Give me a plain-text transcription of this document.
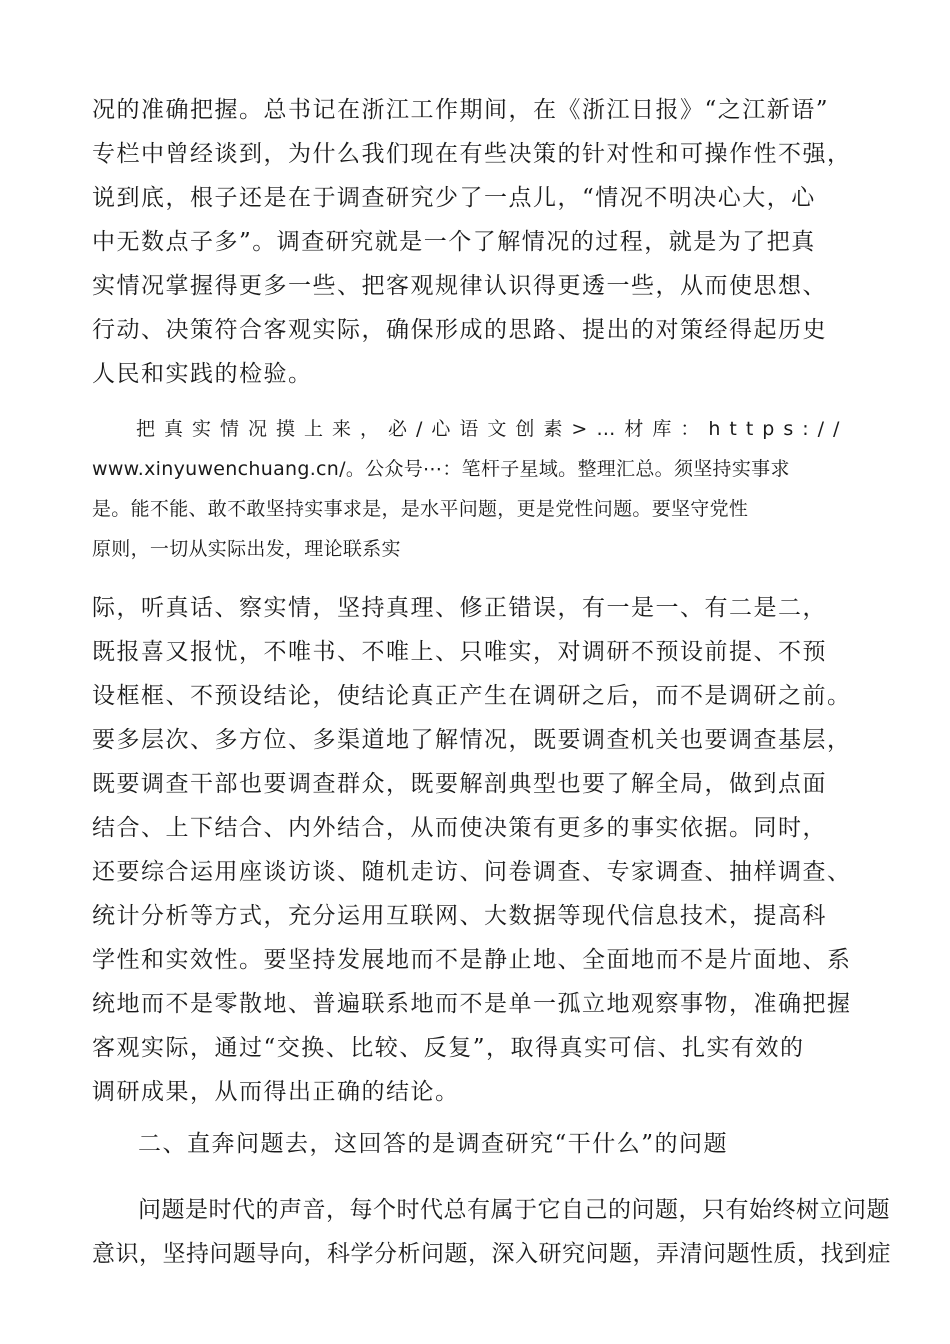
况的准确把握。总书记在浙江工作期间，在《浙江日报》“之江新语”
专栏中曾经谈到，为什么我们现在有些决策的针对性和可操作性不强，
说到底，根子还是在于调查研究少了一点儿，“情况不明决心大，心
中无数点子多”。调查研究就是一个了解情况的过程，就是为了把真
实情况掌握得更多一些、把客观规律认识得更透一些，从而使思想、
行动、决策符合客观实际，确保形成的思路、提出的对策经得起历史
人民和实践的检验。
把真实情况摸上来，必/心语文创素>…材库：https://
www.xinyuwenchuang.cn/。公众号⋯：笔杆子星域。整理汇总。须坚持实事求
是。能不能、敢不敢坚持实事求是，是水平问题，更是党性问题。要坚守党性
原则，一切从实际出发，理论联系实
际，听真话、察实情，坚持真理、修正错误，有一是一、有二是二，
既报喜又报忧，不唯书、不唯上、只唯实，对调研不预设前提、不预
设框框、不预设结论，使结论真正产生在调研之后，而不是调研之前。
要多层次、多方位、多渠道地了解情况，既要调查机关也要调查基层，
既要调查干部也要调查群众，既要解剖典型也要了解全局，做到点面
结合、上下结合、内外结合，从而使决策有更多的事实依据。同时，
还要综合运用座谈访谈、随机走访、问卷调查、专家调查、抽样调查、
统计分析等方式，充分运用互联网、大数据等现代信息技术，提高科
学性和实效性。要坚持发展地而不是静止地、全面地而不是片面地、系
统地而不是零散地、普遍联系地而不是单一孤立地观察事物，准确把握
客观实际，通过“交换、比较、反复”，取得真实可信、扎实有效的
调研成果，从而得出正确的结论。
二、直奔问题去，这回答的是调查研究“干什么”的问题
问题是时代的声音，每个时代总有属于它自己的问题，只有始终树立问题
意识，坚持问题导向，科学分析问题，深入研究问题，弄清问题性质，找到症
